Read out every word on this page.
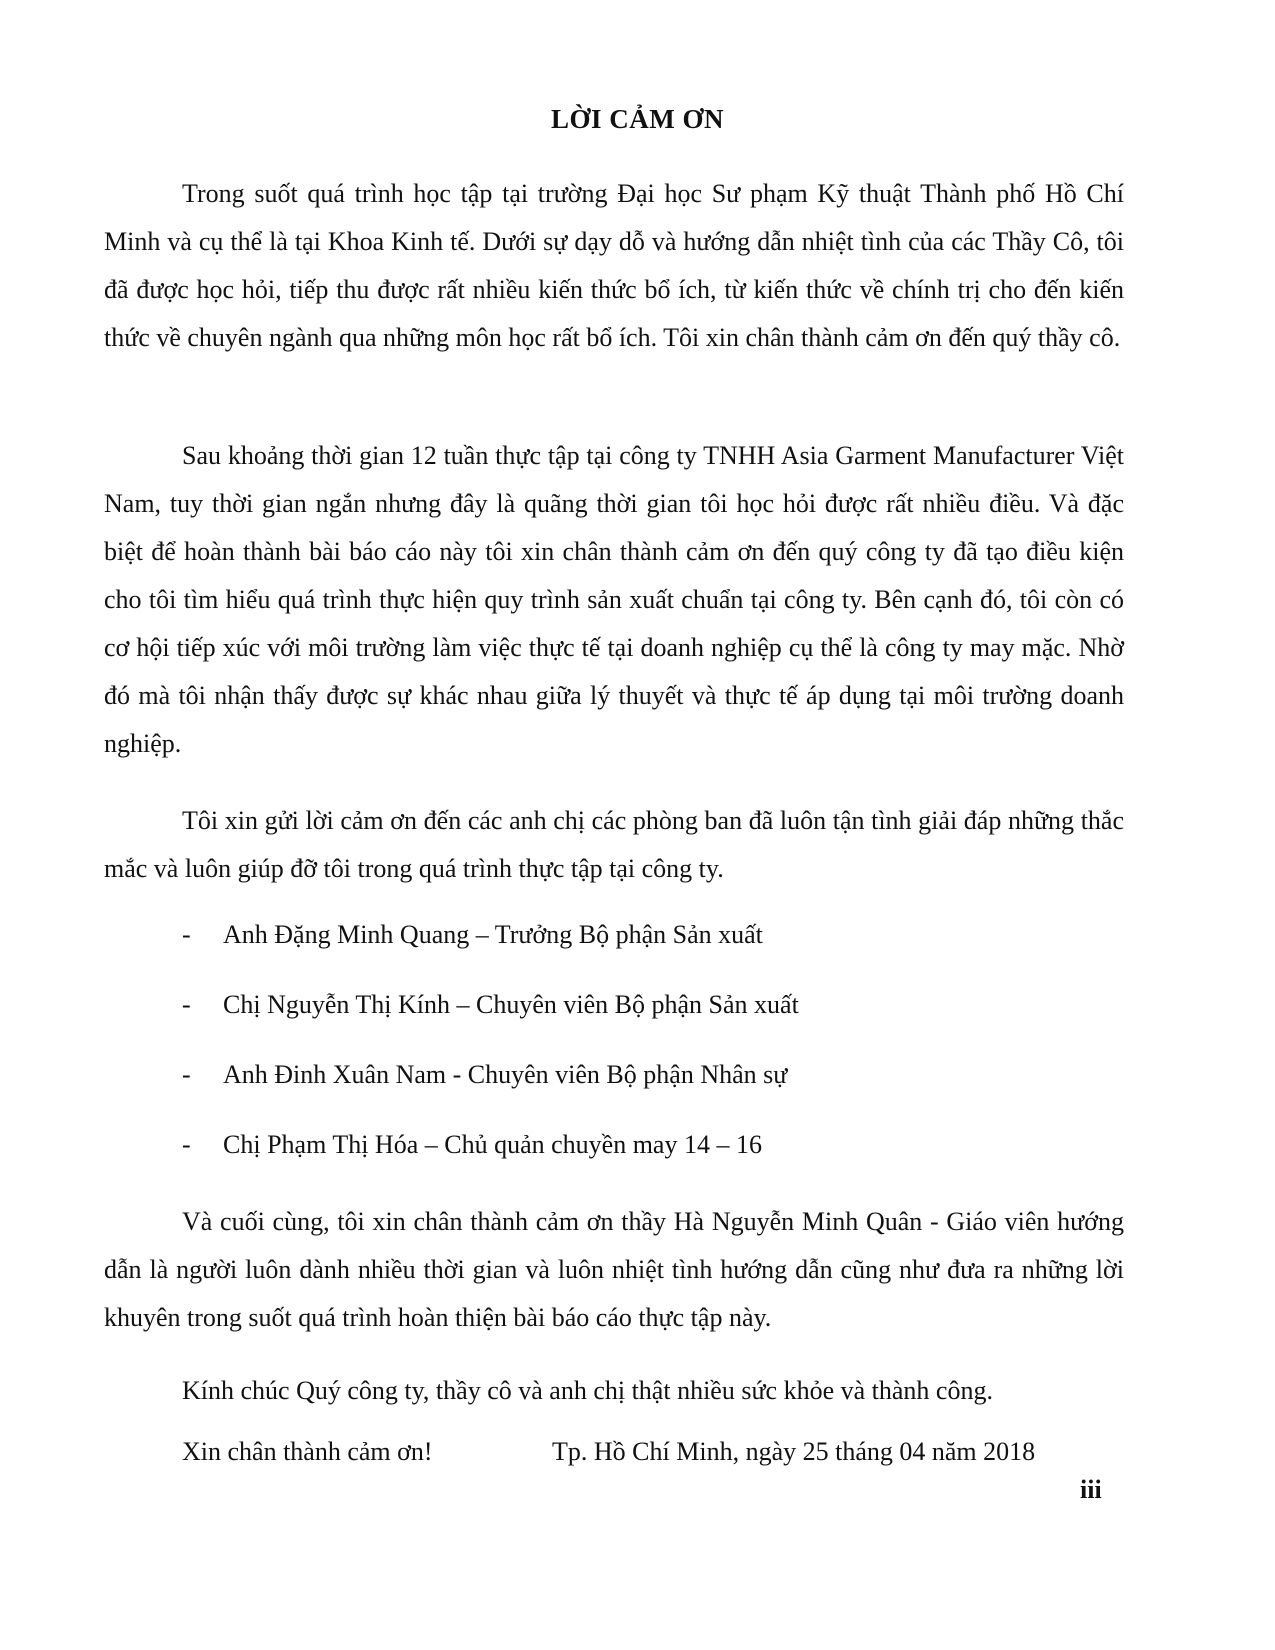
LỜI CẢM ƠN

Trong suốt quá trình học tập tại trường Đại học Sư phạm Kỹ thuật Thành phố Hồ Chí Minh và cụ thể là tại Khoa Kinh tế. Dưới sự dạy dỗ và hướng dẫn nhiệt tình của các Thầy Cô, tôi đã được học hỏi, tiếp thu được rất nhiều kiến thức bổ ích, từ kiến thức về chính trị cho đến kiến thức về chuyên ngành qua những môn học rất bổ ích. Tôi xin chân thành cảm ơn đến quý thầy cô.

Sau khoảng thời gian 12 tuần thực tập tại công ty TNHH Asia Garment Manufacturer Việt Nam, tuy thời gian ngắn nhưng đây là quãng thời gian tôi học hỏi được rất nhiều điều. Và đặc biệt để hoàn thành bài báo cáo này tôi xin chân thành cảm ơn đến quý công ty đã tạo điều kiện cho tôi tìm hiểu quá trình thực hiện quy trình sản xuất chuẩn tại công ty. Bên cạnh đó, tôi còn có cơ hội tiếp xúc với môi trường làm việc thực tế tại doanh nghiệp cụ thể là công ty may mặc. Nhờ đó mà tôi nhận thấy được sự khác nhau giữa lý thuyết và thực tế áp dụng tại môi trường doanh nghiệp.

Tôi xin gửi lời cảm ơn đến các anh chị các phòng ban đã luôn tận tình giải đáp những thắc mắc và luôn giúp đỡ tôi trong quá trình thực tập tại công ty.

- Anh Đặng Minh Quang – Trưởng Bộ phận Sản xuất
- Chị Nguyễn Thị Kính – Chuyên viên Bộ phận Sản xuất
- Anh Đinh Xuân Nam - Chuyên viên Bộ phận Nhân sự
- Chị Phạm Thị Hóa – Chủ quản chuyền may 14 – 16

Và cuối cùng, tôi xin chân thành cảm ơn thầy Hà Nguyễn Minh Quân - Giáo viên hướng dẫn là người luôn dành nhiều thời gian và luôn nhiệt tình hướng dẫn cũng như đưa ra những lời khuyên trong suốt quá trình hoàn thiện bài báo cáo thực tập này.

Kính chúc Quý công ty, thầy cô và anh chị thật nhiều sức khỏe và thành công.

Xin chân thành cảm ơn!	Tp. Hồ Chí Minh, ngày 25 tháng 04 năm 2018
iii
